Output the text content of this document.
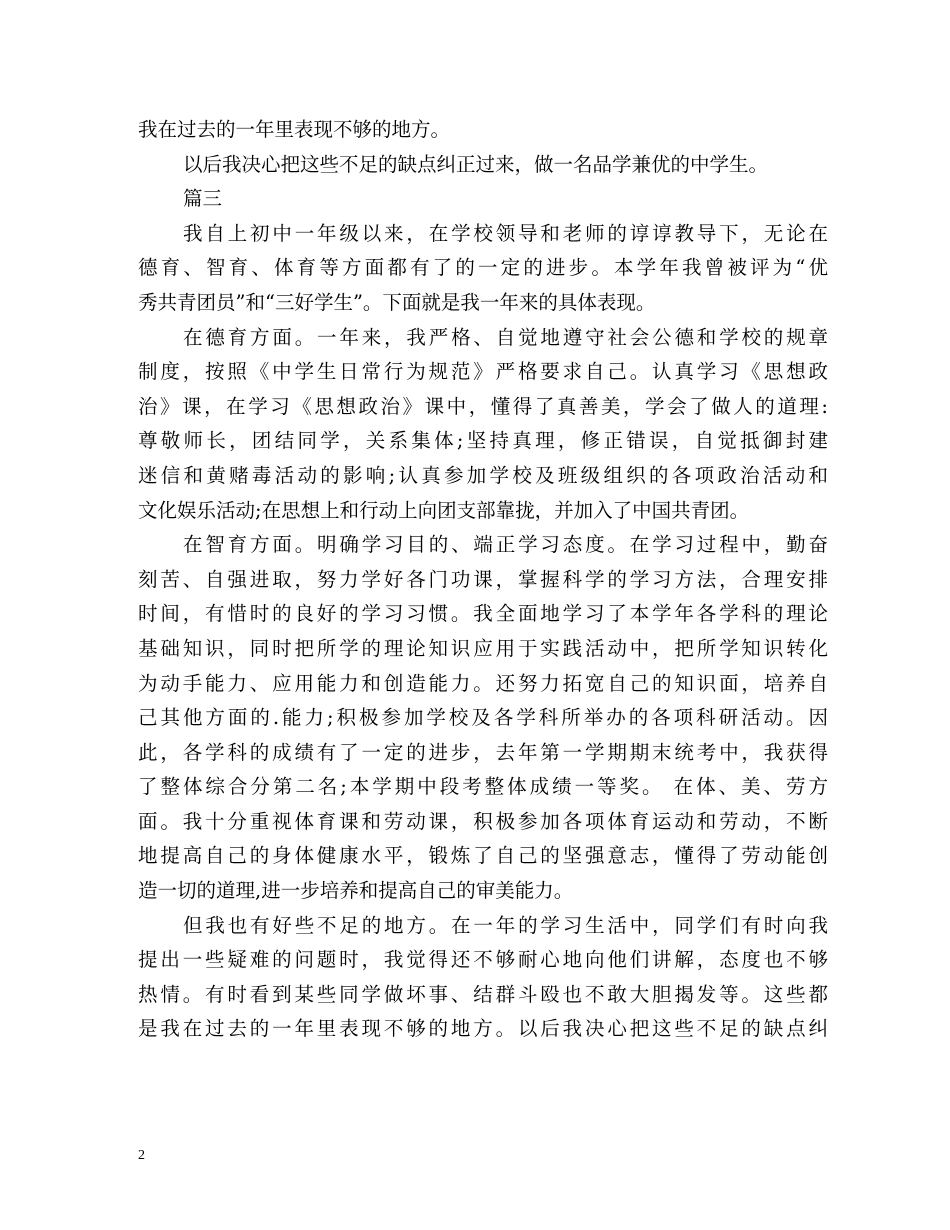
我在过去的一年里表现不够的地方。
以后我决心把这些不足的缺点纠正过来，做一名品学兼优的中学生。
篇三
我自上初中一年级以来，在学校领导和老师的谆谆教导下，无论在
德育、智育、体育等方面都有了的一定的进步。本学年我曾被评为“优
秀共青团员”和“三好学生”。下面就是我一年来的具体表现。
在德育方面。一年来，我严格、自觉地遵守社会公德和学校的规章
制度，按照《中学生日常行为规范》严格要求自己。认真学习《思想政
治》课，在学习《思想政治》课中，懂得了真善美，学会了做人的道理:
尊敬师长，团结同学，关系集体;坚持真理，修正错误，自觉抵御封建
迷信和黄赌毒活动的影响;认真参加学校及班级组织的各项政治活动和
文化娱乐活动;在思想上和行动上向团支部靠拢，并加入了中国共青团。
在智育方面。明确学习目的、端正学习态度。在学习过程中，勤奋
刻苦、自强进取，努力学好各门功课，掌握科学的学习方法，合理安排
时间，有惜时的良好的学习习惯。我全面地学习了本学年各学科的理论
基础知识，同时把所学的理论知识应用于实践活动中，把所学知识转化
为动手能力、应用能力和创造能力。还努力拓宽自己的知识面，培养自
己其他方面的.能力;积极参加学校及各学科所举办的各项科研活动。因
此，各学科的成绩有了一定的进步，去年第一学期期末统考中，我获得
了整体综合分第二名;本学期中段考整体成绩一等奖。 在体、美、劳方
面。我十分重视体育课和劳动课，积极参加各项体育运动和劳动，不断
地提高自己的身体健康水平，锻炼了自己的坚强意志，懂得了劳动能创
造一切的道理,进一步培养和提高自己的审美能力。
但我也有好些不足的地方。在一年的学习生活中，同学们有时向我
提出一些疑难的问题时，我觉得还不够耐心地向他们讲解，态度也不够
热情。有时看到某些同学做坏事、结群斗殴也不敢大胆揭发等。这些都
是我在过去的一年里表现不够的地方。以后我决心把这些不足的缺点纠
2
